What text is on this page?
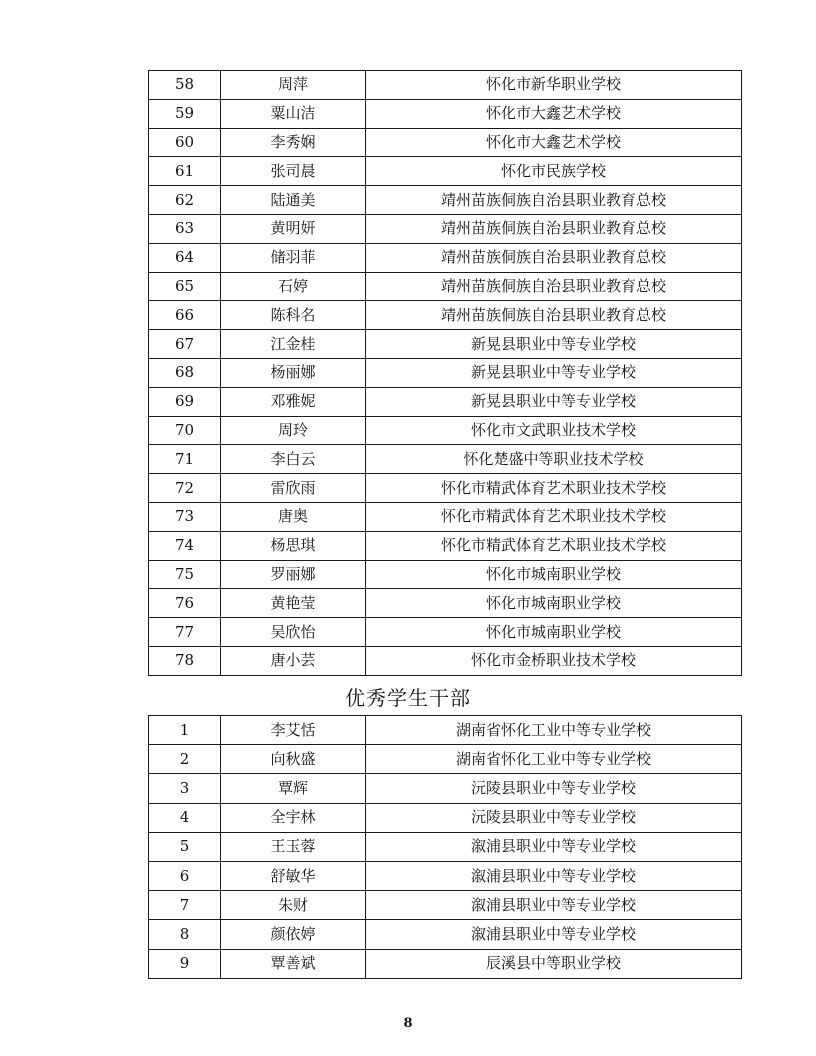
58	周萍	怀化市新华职业学校
59	粟山洁	怀化市大鑫艺术学校
60	李秀娴	怀化市大鑫艺术学校
61	张司晨	怀化市民族学校
62	陆通美	靖州苗族侗族自治县职业教育总校
63	黄明妍	靖州苗族侗族自治县职业教育总校
64	储羽菲	靖州苗族侗族自治县职业教育总校
65	石婷	靖州苗族侗族自治县职业教育总校
66	陈科名	靖州苗族侗族自治县职业教育总校
67	江金桂	新晃县职业中等专业学校
68	杨丽娜	新晃县职业中等专业学校
69	邓雅妮	新晃县职业中等专业学校
70	周玲	怀化市文武职业技术学校
71	李白云	怀化楚盛中等职业技术学校
72	雷欣雨	怀化市精武体育艺术职业技术学校
73	唐奥	怀化市精武体育艺术职业技术学校
74	杨思琪	怀化市精武体育艺术职业技术学校
75	罗丽娜	怀化市城南职业学校
76	黄艳莹	怀化市城南职业学校
77	吴欣怡	怀化市城南职业学校
78	唐小芸	怀化市金桥职业技术学校
优秀学生干部
1	李艾恬	湖南省怀化工业中等专业学校
2	向秋盛	湖南省怀化工业中等专业学校
3	覃辉	沅陵县职业中等专业学校
4	全宇林	沅陵县职业中等专业学校
5	王玉蓉	溆浦县职业中等专业学校
6	舒敏华	溆浦县职业中等专业学校
7	朱财	溆浦县职业中等专业学校
8	颜依婷	溆浦县职业中等专业学校
9	覃善斌	辰溪县中等职业学校
8
